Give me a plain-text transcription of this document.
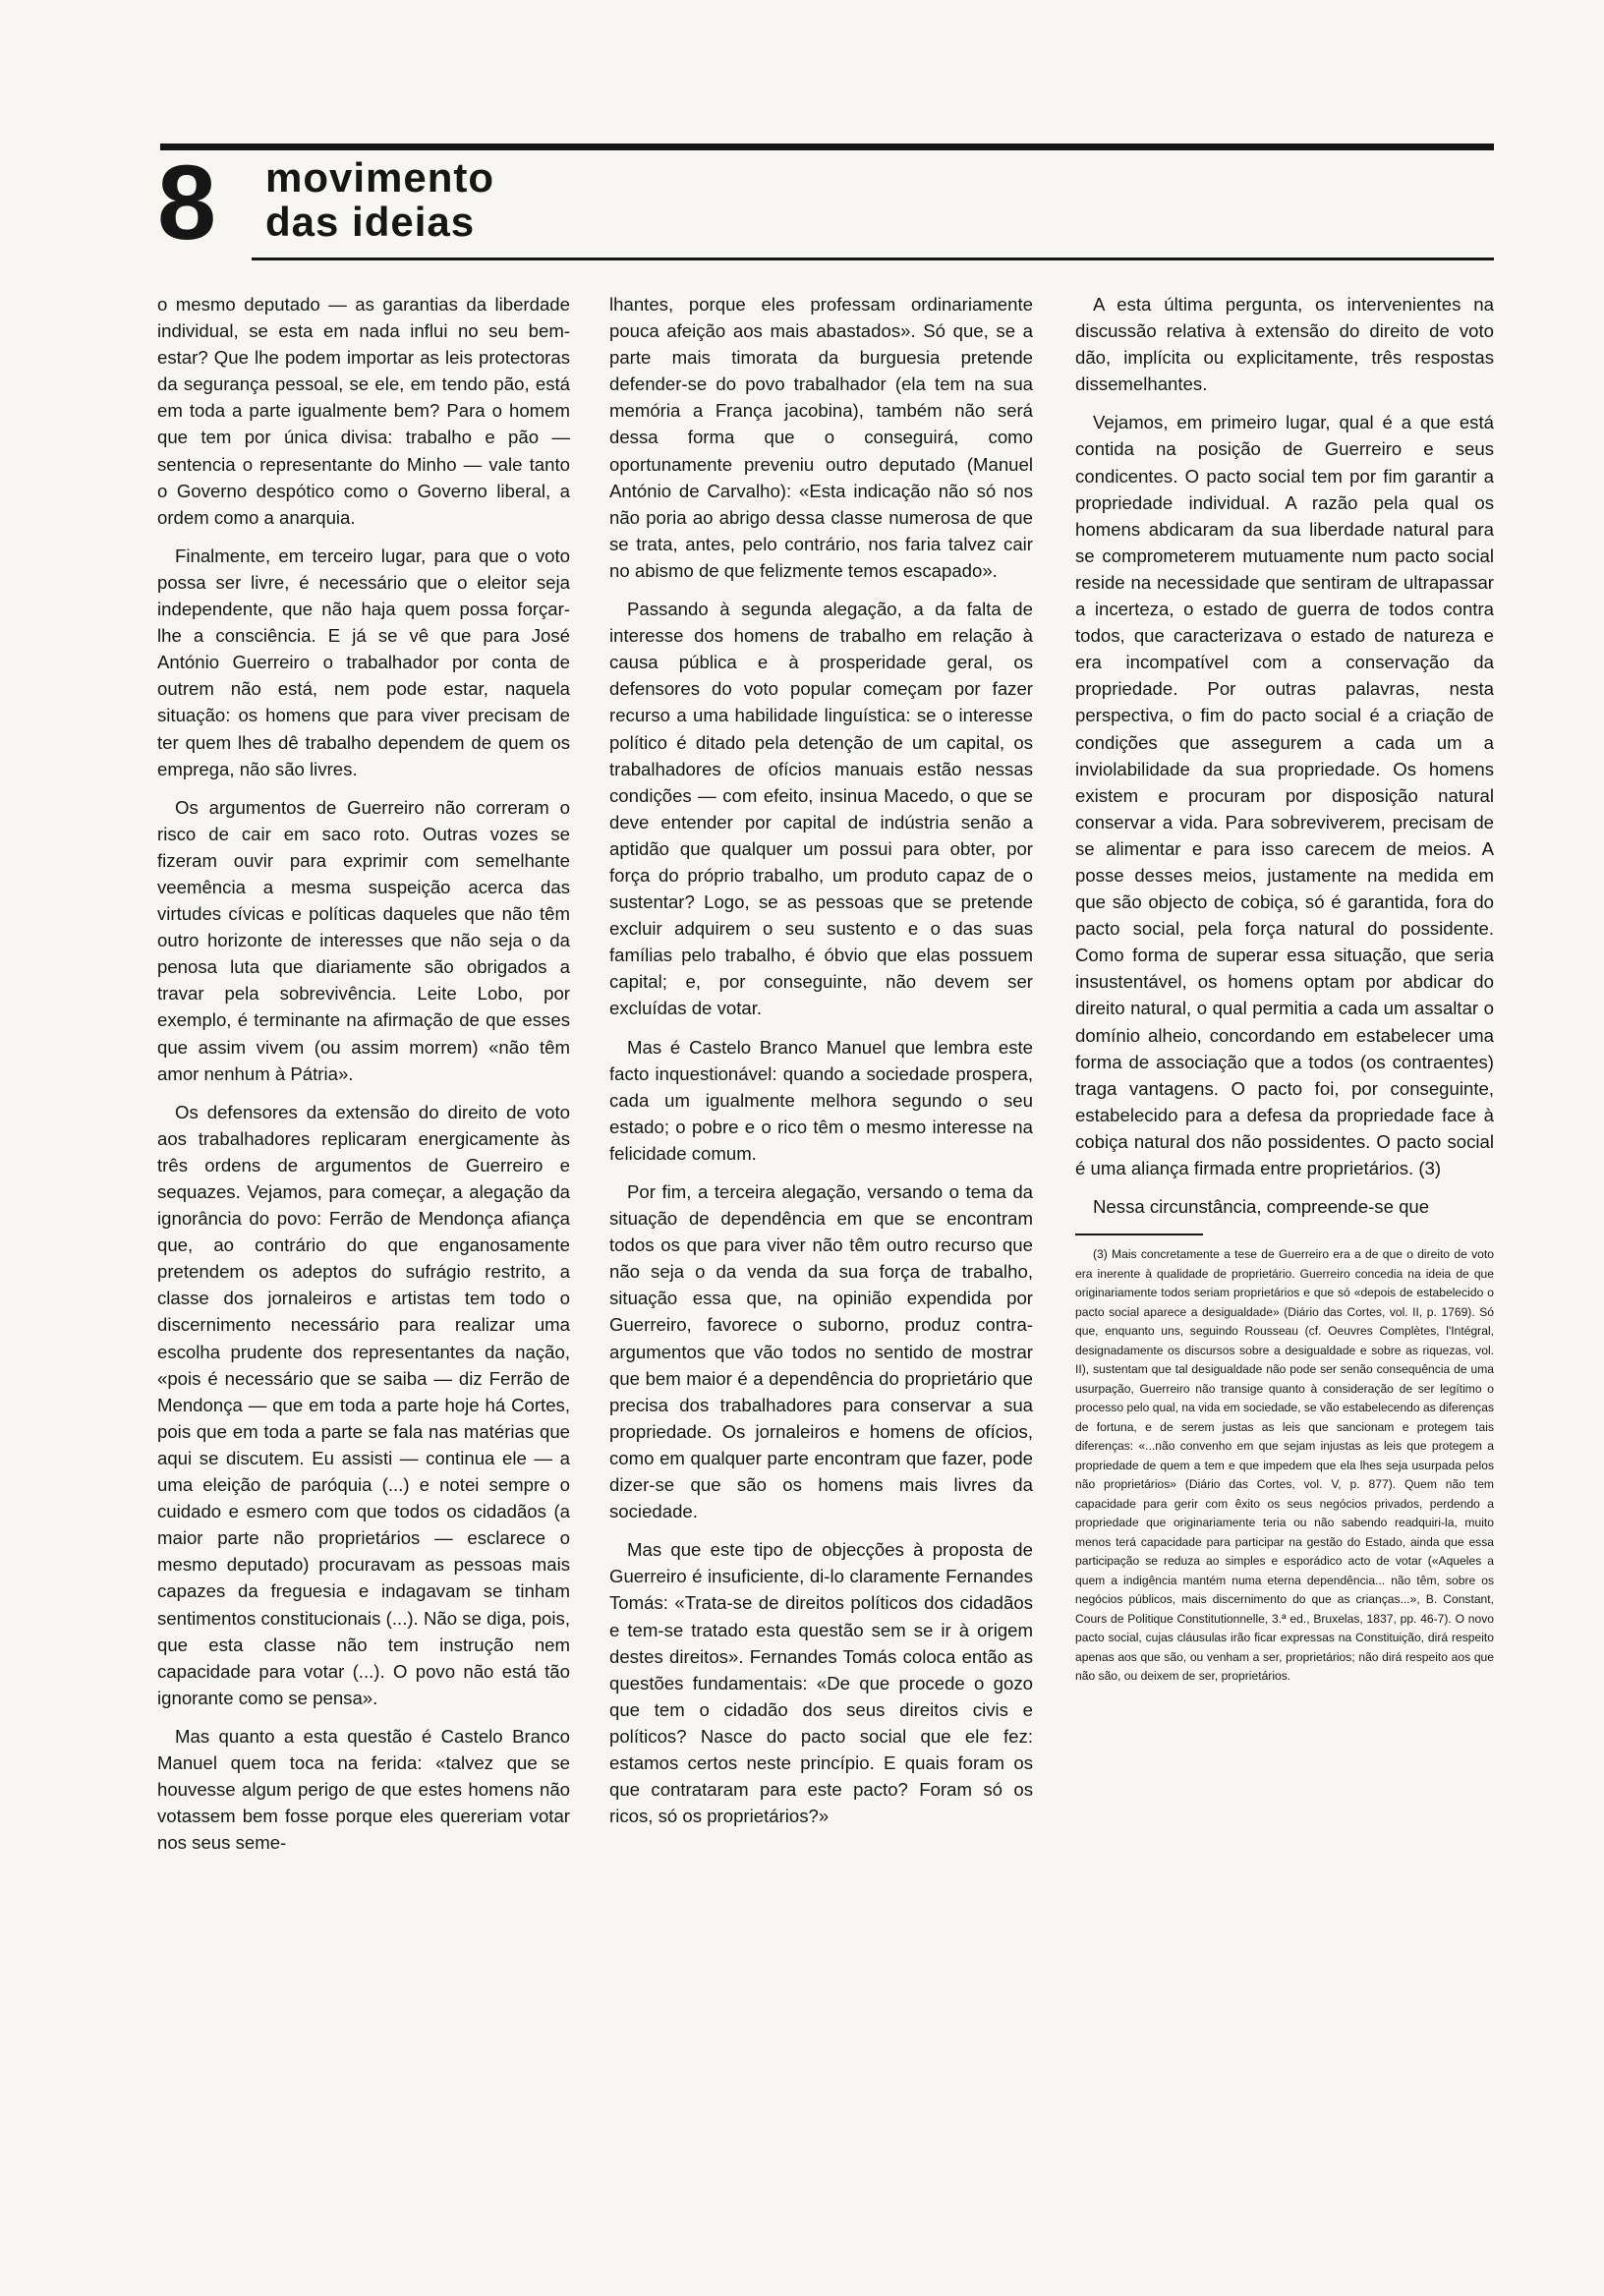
8	movimento
das ideias

o mesmo deputado — as garantias da liberdade individual, se esta em nada influi no seu bem-estar? Que lhe podem importar as leis protectoras da segurança pessoal, se ele, em tendo pão, está em toda a parte igualmente bem? Para o homem que tem por única divisa: trabalho e pão — sentencia o representante do Minho — vale tanto o Governo despótico como o Governo liberal, a ordem como a anarquia.

Finalmente, em terceiro lugar, para que o voto possa ser livre, é necessário que o eleitor seja independente, que não haja quem possa forçar-lhe a consciência. E já se vê que para José António Guerreiro o trabalhador por conta de outrem não está, nem pode estar, naquela situação: os homens que para viver precisam de ter quem lhes dê trabalho dependem de quem os emprega, não são livres.

Os argumentos de Guerreiro não correram o risco de cair em saco roto. Outras vozes se fizeram ouvir para exprimir com semelhante veemência a mesma suspeição acerca das virtudes cívicas e políticas daqueles que não têm outro horizonte de interesses que não seja o da penosa luta que diariamente são obrigados a travar pela sobrevivência. Leite Lobo, por exemplo, é terminante na afirmação de que esses que assim vivem (ou assim morrem) «não têm amor nenhum à Pátria».

Os defensores da extensão do direito de voto aos trabalhadores replicaram energicamente às três ordens de argumentos de Guerreiro e sequazes. Vejamos, para começar, a alegação da ignorância do povo: Ferrão de Mendonça afiança que, ao contrário do que enganosamente pretendem os adeptos do sufrágio restrito, a classe dos jornaleiros e artistas tem todo o discernimento necessário para realizar uma escolha prudente dos representantes da nação, «pois é necessário que se saiba — diz Ferrão de Mendonça — que em toda a parte hoje há Cortes, pois que em toda a parte se fala nas matérias que aqui se discutem. Eu assisti — continua ele — a uma eleição de paróquia (...) e notei sempre o cuidado e esmero com que todos os cidadãos (a maior parte não proprietários — esclarece o mesmo deputado) procuravam as pessoas mais capazes da freguesia e indagavam se tinham sentimentos constitucionais (...). Não se diga, pois, que esta classe não tem instrução nem capacidade para votar (...). O povo não está tão ignorante como se pensa».

Mas quanto a esta questão é Castelo Branco Manuel quem toca na ferida: «talvez que se houvesse algum perigo de que estes homens não votassem bem fosse porque eles quereriam votar nos seus seme-

lhantes, porque eles professam ordinariamente pouca afeição aos mais abastados». Só que, se a parte mais timorata da burguesia pretende defender-se do povo trabalhador (ela tem na sua memória a França jacobina), também não será dessa forma que o conseguirá, como oportunamente preveniu outro deputado (Manuel António de Carvalho): «Esta indicação não só nos não poria ao abrigo dessa classe numerosa de que se trata, antes, pelo contrário, nos faria talvez cair no abismo de que felizmente temos escapado».

Passando à segunda alegação, a da falta de interesse dos homens de trabalho em relação à causa pública e à prosperidade geral, os defensores do voto popular começam por fazer recurso a uma habilidade linguística: se o interesse político é ditado pela detenção de um capital, os trabalhadores de ofícios manuais estão nessas condições — com efeito, insinua Macedo, o que se deve entender por capital de indústria senão a aptidão que qualquer um possui para obter, por força do próprio trabalho, um produto capaz de o sustentar? Logo, se as pessoas que se pretende excluir adquirem o seu sustento e o das suas famílias pelo trabalho, é óbvio que elas possuem capital; e, por conseguinte, não devem ser excluídas de votar.

Mas é Castelo Branco Manuel que lembra este facto inquestionável: quando a sociedade prospera, cada um igualmente melhora segundo o seu estado; o pobre e o rico têm o mesmo interesse na felicidade comum.

Por fim, a terceira alegação, versando o tema da situação de dependência em que se encontram todos os que para viver não têm outro recurso que não seja o da venda da sua força de trabalho, situação essa que, na opinião expendida por Guerreiro, favorece o suborno, produz contra-argumentos que vão todos no sentido de mostrar que bem maior é a dependência do proprietário que precisa dos trabalhadores para conservar a sua propriedade. Os jornaleiros e homens de ofícios, como em qualquer parte encontram que fazer, pode dizer-se que são os homens mais livres da sociedade.

Mas que este tipo de objecções à proposta de Guerreiro é insuficiente, di-lo claramente Fernandes Tomás: «Trata-se de direitos políticos dos cidadãos e tem-se tratado esta questão sem se ir à origem destes direitos». Fernandes Tomás coloca então as questões fundamentais: «De que procede o gozo que tem o cidadão dos seus direitos civis e políticos? Nasce do pacto social que ele fez: estamos certos neste princípio. E quais foram os que contrataram para este pacto? Foram só os ricos, só os proprietários?»

A esta última pergunta, os intervenientes na discussão relativa à extensão do direito de voto dão, implícita ou explicitamente, três respostas dissemelhantes.

Vejamos, em primeiro lugar, qual é a que está contida na posição de Guerreiro e seus condicentes. O pacto social tem por fim garantir a propriedade individual. A razão pela qual os homens abdicaram da sua liberdade natural para se comprometerem mutuamente num pacto social reside na necessidade que sentiram de ultrapassar a incerteza, o estado de guerra de todos contra todos, que caracterizava o estado de natureza e era incompatível com a conservação da propriedade. Por outras palavras, nesta perspectiva, o fim do pacto social é a criação de condições que assegurem a cada um a inviolabilidade da sua propriedade. Os homens existem e procuram por disposição natural conservar a vida. Para sobreviverem, precisam de se alimentar e para isso carecem de meios. A posse desses meios, justamente na medida em que são objecto de cobiça, só é garantida, fora do pacto social, pela força natural do possidente. Como forma de superar essa situação, que seria insustentável, os homens optam por abdicar do direito natural, o qual permitia a cada um assaltar o domínio alheio, concordando em estabelecer uma forma de associação que a todos (os contraentes) traga vantagens. O pacto foi, por conseguinte, estabelecido para a defesa da propriedade face à cobiça natural dos não possidentes. O pacto social é uma aliança firmada entre proprietários. (3)

Nessa circunstância, compreende-se que

(3) Mais concretamente a tese de Guerreiro era a de que o direito de voto era inerente à qualidade de proprietário. Guerreiro concedia na ideia de que originariamente todos seriam proprietários e que só «depois de estabelecido o pacto social aparece a desigualdade» (Diário das Cortes, vol. II, p. 1769). Só que, enquanto uns, seguindo Rousseau (cf. Oeuvres Complètes, l'Intégral, designadamente os discursos sobre a desigualdade e sobre as riquezas, vol. II), sustentam que tal desigualdade não pode ser senão consequência de uma usurpação, Guerreiro não transige quanto à consideração de ser legítimo o processo pelo qual, na vida em sociedade, se vão estabelecendo as diferenças de fortuna, e de serem justas as leis que sancionam e protegem tais diferenças: «...não convenho em que sejam injustas as leis que protegem a propriedade de quem a tem e que impedem que ela lhes seja usurpada pelos não proprietários» (Diário das Cortes, vol. V, p. 877). Quem não tem capacidade para gerir com êxito os seus negócios privados, perdendo a propriedade que originariamente teria ou não sabendo readquiri-la, muito menos terá capacidade para participar na gestão do Estado, ainda que essa participação se reduza ao simples e esporádico acto de votar («Aqueles a quem a indigência mantém numa eterna dependência... não têm, sobre os negócios públicos, mais discernimento do que as crianças...», B. Constant, Cours de Politique Constitutionnelle, 3.ª ed., Bruxelas, 1837, pp. 46-7). O novo pacto social, cujas cláusulas irão ficar expressas na Constituição, dirá respeito apenas aos que são, ou venham a ser, proprietários; não dirá respeito aos que não são, ou deixem de ser, proprietários.
